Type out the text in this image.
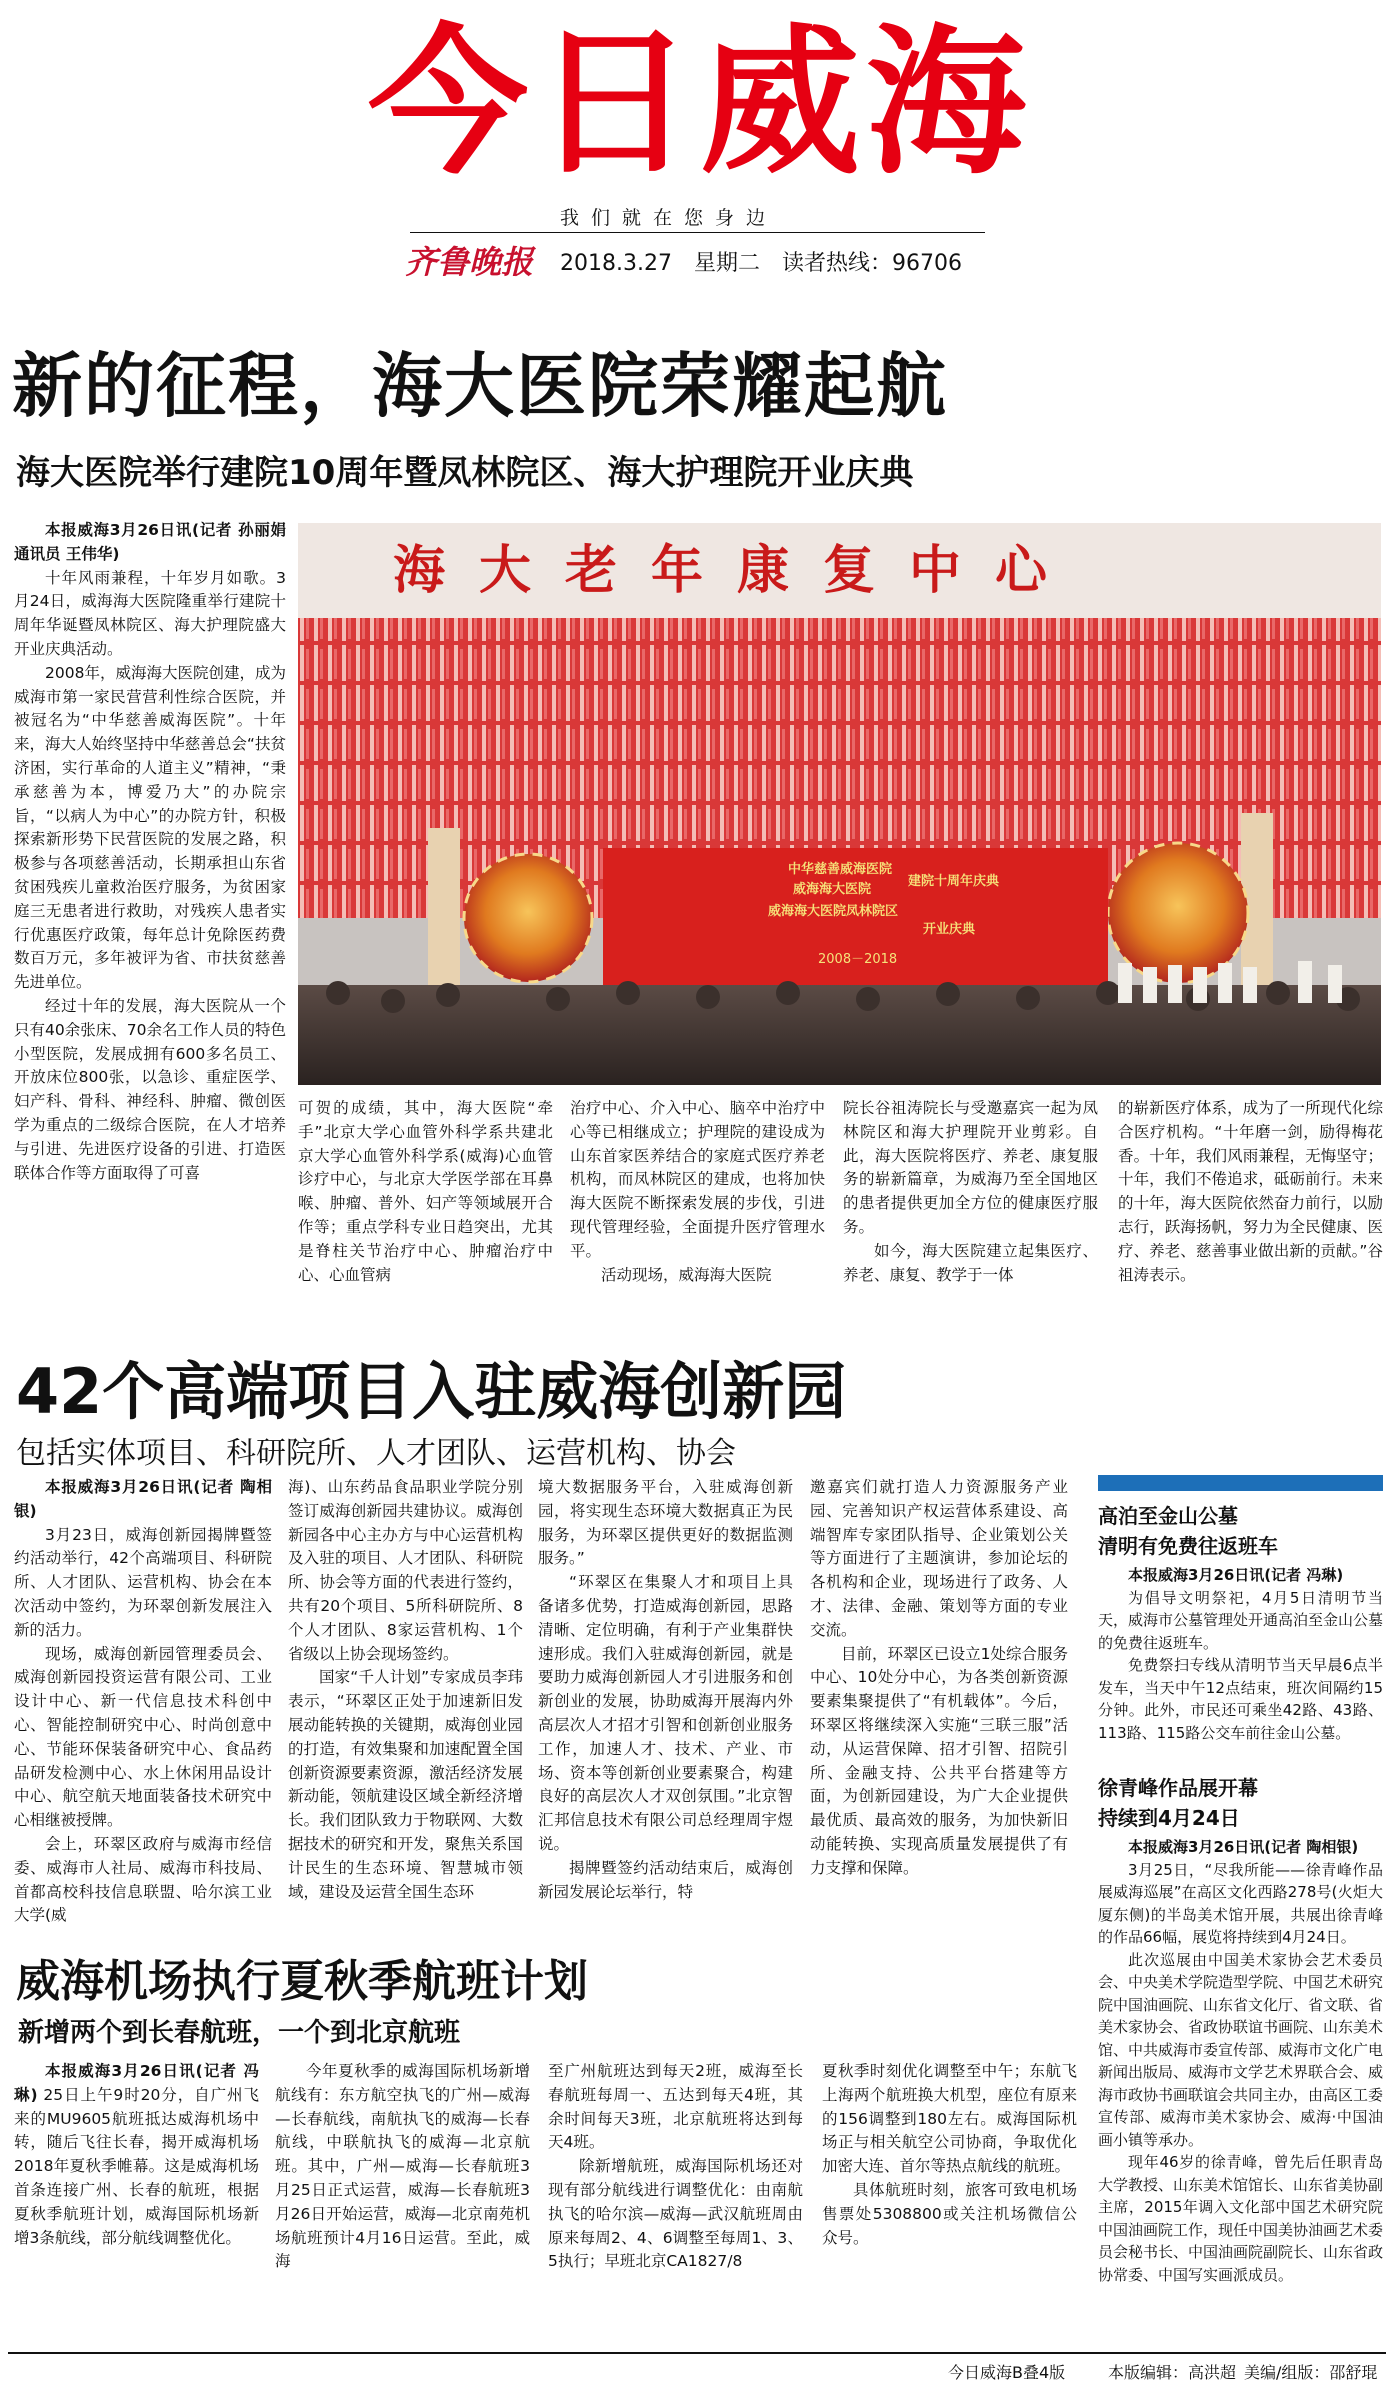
今日威海
我们就在您身边
齐鲁晚报 2018.3.27 星期二 读者热线：96706
新的征程，海大医院荣耀起航
海大医院举行建院10周年暨凤林院区、海大护理院开业庆典

本报威海3月26日讯(记者 孙丽娟 通讯员 王伟华)

十年风雨兼程，十年岁月如歌。3月24日，威海海大医院隆重举行建院十周年华诞暨凤林院区、海大护理院盛大开业庆典活动。

2008年，威海海大医院创建，成为威海市第一家民营营利性综合医院，并被冠名为“中华慈善威海医院”。十年来，海大人始终坚持中华慈善总会“扶贫济困，实行革命的人道主义”精神，“秉承慈善为本，博爱乃大”的办院宗旨，“以病人为中心”的办院方针，积极探索新形势下民营医院的发展之路，积极参与各项慈善活动，长期承担山东省贫困残疾儿童救治医疗服务，为贫困家庭三无患者进行救助，对残疾人患者实行优惠医疗政策，每年总计免除医药费数百万元，多年被评为省、市扶贫慈善先进单位。

经过十年的发展，海大医院从一个只有40余张床、70余名工作人员的特色小型医院，发展成拥有600多名员工、开放床位800张，以急诊、重症医学、妇产科、骨科、神经科、肿瘤、微创医学为重点的二级综合医院，在人才培养与引进、先进医疗设备的引进、打造医联体合作等方面取得了可喜

海大老年康复中心
中华慈善威海医院
威海海大医院
建院十周年庆典
威海海大医院凤林院区
开业庆典
2008－2018

可贺的成绩，其中，海大医院“牵手”北京大学心血管外科学系共建北京大学心血管外科学系(威海)心血管诊疗中心，与北京大学医学部在耳鼻喉、肿瘤、普外、妇产等领域展开合作等；重点学科专业日趋突出，尤其是脊柱关节治疗中心、肿瘤治疗中心、心血管病

治疗中心、介入中心、脑卒中治疗中心等已相继成立；护理院的建设成为山东首家医养结合的家庭式医疗养老机构，而凤林院区的建成，也将加快海大医院不断探索发展的步伐，引进现代管理经验，全面提升医疗管理水平。

活动现场，威海海大医院

院长谷祖涛院长与受邀嘉宾一起为凤林院区和海大护理院开业剪彩。自此，海大医院将医疗、养老、康复服务的崭新篇章，为威海乃至全国地区的患者提供更加全方位的健康医疗服务。

如今，海大医院建立起集医疗、养老、康复、教学于一体

的崭新医疗体系，成为了一所现代化综合医疗机构。“十年磨一剑，励得梅花香。十年，我们风雨兼程，无悔坚守；十年，我们不倦追求，砥砺前行。未来的十年，海大医院依然奋力前行，以励志行，跃海扬帆，努力为全民健康、医疗、养老、慈善事业做出新的贡献。”谷祖涛表示。

42个高端项目入驻威海创新园
包括实体项目、科研院所、人才团队、运营机构、协会

本报威海3月26日讯(记者 陶相银)

3月23日，威海创新园揭牌暨签约活动举行，42个高端项目、科研院所、人才团队、运营机构、协会在本次活动中签约，为环翠创新发展注入新的活力。

现场，威海创新园管理委员会、威海创新园投资运营有限公司、工业设计中心、新一代信息技术科创中心、智能控制研究中心、时尚创意中心、节能环保装备研究中心、食品药品研发检测中心、水上休闲用品设计中心、航空航天地面装备技术研究中心相继被授牌。

会上，环翠区政府与威海市经信委、威海市人社局、威海市科技局、首都高校科技信息联盟、哈尔滨工业大学(威

海)、山东药品食品职业学院分别签订威海创新园共建协议。威海创新园各中心主办方与中心运营机构及入驻的项目、人才团队、科研院所、协会等方面的代表进行签约，共有20个项目、5所科研院所、8个人才团队、8家运营机构、1个省级以上协会现场签约。

国家“千人计划”专家成员李玮表示，“环翠区正处于加速新旧发展动能转换的关键期，威海创业园的打造，有效集聚和加速配置全国创新资源要素资源，激活经济发展新动能，领航建设区域全新经济增长。我们团队致力于物联网、大数据技术的研究和开发，聚焦关系国计民生的生态环境、智慧城市领域，建设及运营全国生态环

境大数据服务平台，入驻威海创新园，将实现生态环境大数据真正为民服务，为环翠区提供更好的数据监测服务。”

“环翠区在集聚人才和项目上具备诸多优势，打造威海创新园，思路清晰、定位明确，有利于产业集群快速形成。我们入驻威海创新园，就是要助力威海创新园人才引进服务和创新创业的发展，协助威海开展海内外高层次人才招才引智和创新创业服务工作，加速人才、技术、产业、市场、资本等创新创业要素聚合，构建良好的高层次人才双创氛围。”北京智汇邦信息技术有限公司总经理周宇煜说。

揭牌暨签约活动结束后，威海创新园发展论坛举行，特

邀嘉宾们就打造人力资源服务产业园、完善知识产权运营体系建设、高端智库专家团队指导、企业策划公关等方面进行了主题演讲，参加论坛的各机构和企业，现场进行了政务、人才、法律、金融、策划等方面的专业交流。

目前，环翠区已设立1处综合服务中心、10处分中心，为各类创新资源要素集聚提供了“有机载体”。今后，环翠区将继续深入实施“三联三服”活动，从运营保障、招才引智、招院引所、金融支持、公共平台搭建等方面，为创新园建设，为广大企业提供最优质、最高效的服务，为加快新旧动能转换、实现高质量发展提供了有力支撑和保障。

高泊至金山公墓
清明有免费往返班车

本报威海3月26日讯(记者 冯琳)

为倡导文明祭祀，4月5日清明节当天，威海市公墓管理处开通高泊至金山公墓的免费往返班车。

免费祭扫专线从清明节当天早晨6点半发车，当天中午12点结束，班次间隔约15分钟。此外，市民还可乘坐42路、43路、113路、115路公交车前往金山公墓。

徐青峰作品展开幕
持续到4月24日

本报威海3月26日讯(记者 陶相银)

3月25日，“尽我所能——徐青峰作品展威海巡展”在高区文化西路278号(火炬大厦东侧)的半岛美术馆开展，共展出徐青峰的作品66幅，展览将持续到4月24日。

此次巡展由中国美术家协会艺术委员会、中央美术学院造型学院、中国艺术研究院中国油画院、山东省文化厅、省文联、省美术家协会、省政协联谊书画院、山东美术馆、中共威海市委宣传部、威海市文化广电新闻出版局、威海市文学艺术界联合会、威海市政协书画联谊会共同主办，由高区工委宣传部、威海市美术家协会、威海·中国油画小镇等承办。

现年46岁的徐青峰，曾先后任职青岛大学教授、山东美术馆馆长、山东省美协副主席，2015年调入文化部中国艺术研究院中国油画院工作，现任中国美协油画艺术委员会秘书长、中国油画院副院长、山东省政协常委、中国写实画派成员。

威海机场执行夏秋季航班计划
新增两个到长春航班，一个到北京航班

本报威海3月26日讯(记者 冯琳) 25日上午9时20分，自广州飞来的MU9605航班抵达威海机场中转，随后飞往长春，揭开威海机场2018年夏秋季帷幕。这是威海机场首条连接广州、长春的航班，根据夏秋季航班计划，威海国际机场新增3条航线，部分航线调整优化。

今年夏秋季的威海国际机场新增航线有：东方航空执飞的广州—威海—长春航线，南航执飞的威海—长春航线，中联航执飞的威海—北京航班。其中，广州—威海—长春航班3月25日正式运营，威海—长春航班3月26日开始运营，威海—北京南苑机场航班预计4月16日运营。至此，威海

至广州航班达到每天2班，威海至长春航班每周一、五达到每天4班，其余时间每天3班，北京航班将达到每天4班。

除新增航班，威海国际机场还对现有部分航线进行调整优化：由南航执飞的哈尔滨—威海—武汉航班周由原来每周2、4、6调整至每周1、3、5执行；早班北京CA1827/8

夏秋季时刻优化调整至中午；东航飞上海两个航班换大机型，座位有原来的156调整到180左右。威海国际机场正与相关航空公司协商，争取优化加密大连、首尔等热点航线的航班。

具体航班时刻，旅客可致电机场售票处5308800或关注机场微信公众号。

今日威海B叠4版	本版编辑：高洪超 美编/组版：邵舒琨
